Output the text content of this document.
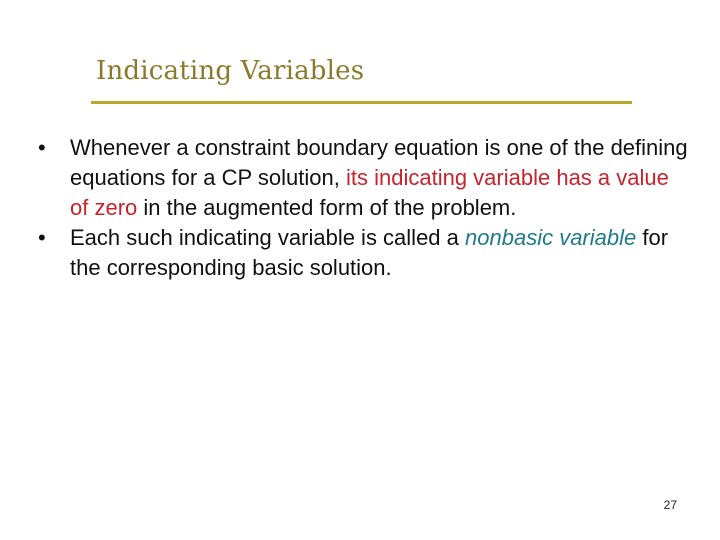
Indicating Variables
•	Whenever a constraint boundary equation is one of the defining equations for a CP solution, its indicating variable has a value of zero in the augmented form of the problem.
•	Each such indicating variable is called a nonbasic variable for the corresponding basic solution.
27
